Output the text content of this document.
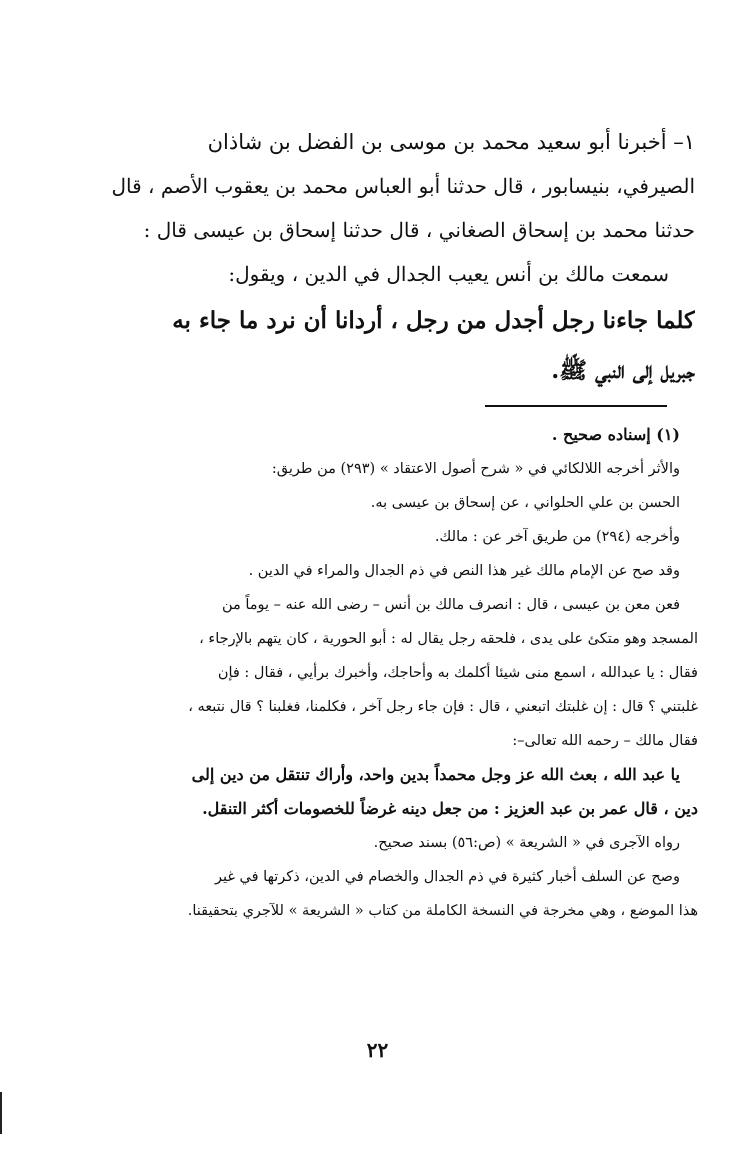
١– أخبرنا أبو سعيد محمد بن موسى بن الفضل بن شاذان
الصيرفي، بنيسابور ، قال حدثنا أبو العباس محمد بن يعقوب الأصم ، قال
حدثنا محمد بن إسحاق الصغاني ، قال حدثنا إسحاق بن عيسى قال :
سمعت مالك بن أنس يعيب الجدال في الدين ، ويقول:
كلما جاءنا رجل أجدل من رجل ، أردانا أن نرد ما جاء به
جبريل إلى النبي ﷺ.
(١) إسناده صحيح .
والأثر أخرجه اللالكائي في « شرح أصول الاعتقاد » (٢٩٣) من طريق:
الحسن بن علي الحلواني ، عن إسحاق بن عيسى به.
وأخرجه (٢٩٤) من طريق آخر عن : مالك.
وقد صح عن الإمام مالك غير هذا النص في ذم الجدال والمراء في الدين .
فعن معن بن عيسى ، قال : انصرف مالك بن أنس – رضى الله عنه – يوماً من
المسجد وهو متكئ على يدى ، فلحقه رجل يقال له : أبو الحورية ، كان يتهم بالإرجاء ،
فقال : يا عبدالله ، اسمع منى شيئا أكلمك به وأحاجك، وأخبرك برأيي ، فقال : فإن
غلبتني ؟ قال : إن غلبتك اتبعني ، قال : فإن جاء رجل آخر ، فكلمنا، فغلبنا ؟ قال نتبعه ،
فقال مالك – رحمه الله تعالى–:
يا عبد الله ، بعث الله عز وجل محمداً بدين واحد، وأراك تنتقل من دين إلى
دين ، قال عمر بن عبد العزيز : من جعل دينه غرضاً للخصومات أكثر التنقل.
رواه الآجرى في « الشريعة » (ص:٥٦) بسند صحيح.
وصح عن السلف أخبار كثيرة في ذم الجدال والخصام في الدين، ذكرتها في غير
هذا الموضع ، وهي مخرجة في النسخة الكاملة من كتاب « الشريعة » للآجري بتحقيقنا.
٢٢
